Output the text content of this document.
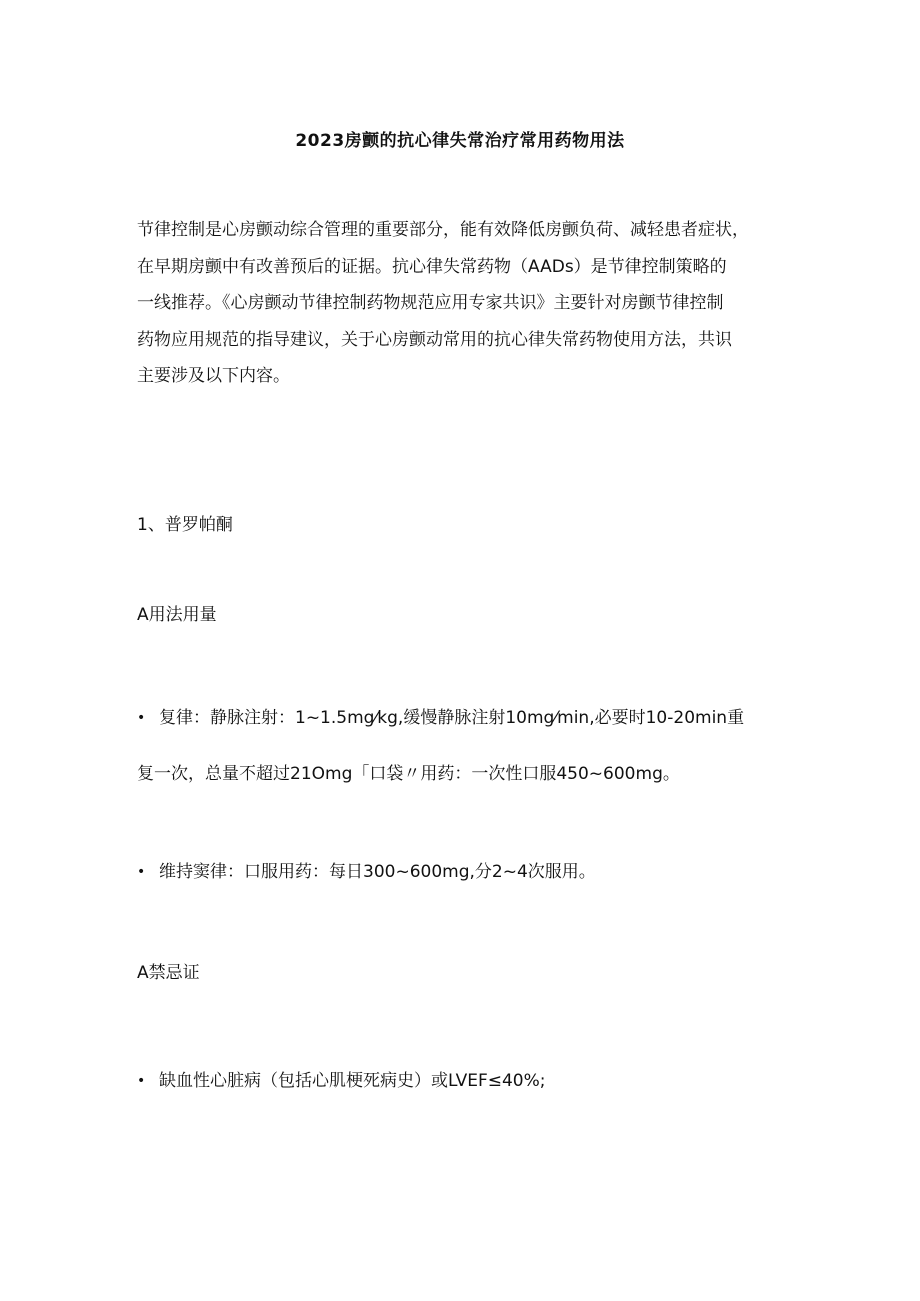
2023房颤的抗心律失常治疗常用药物用法
节律控制是心房颤动综合管理的重要部分，能有效降低房颤负荷、减轻患者症状，
在早期房颤中有改善预后的证据。抗心律失常药物（AADs）是节律控制策略的
一线推荐。《心房颤动节律控制药物规范应用专家共识》主要针对房颤节律控制
药物应用规范的指导建议，关于心房颤动常用的抗心律失常药物使用方法，共识
主要涉及以下内容。
1、普罗帕酮
A用法用量
• 复律：静脉注射：1~1.5mg⁄kg,缓慢静脉注射10mg⁄min,必要时10-20min重
复一次，总量不超过21Omg「口袋〃用药：一次性口服450~600mg。
• 维持窦律：口服用药：每日300~600mg,分2~4次服用。
A禁忌证
• 缺血性心脏病（包括心肌梗死病史）或LVEF≤40%;
